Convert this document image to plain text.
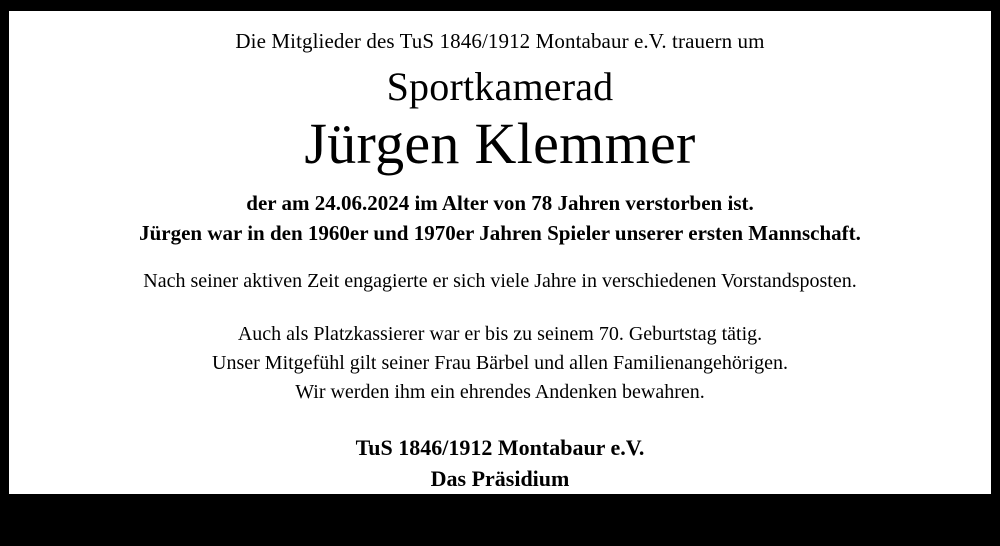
Die Mitglieder des TuS 1846/1912 Montabaur e.V. trauern um
Sportkamerad
Jürgen Klemmer
der am 24.06.2024 im Alter von 78 Jahren verstorben ist.
Jürgen war in den 1960er und 1970er Jahren Spieler unserer ersten Mannschaft.
Nach seiner aktiven Zeit engagierte er sich viele Jahre in verschiedenen Vorstandsposten.
Auch als Platzkassierer war er bis zu seinem 70. Geburtstag tätig.
Unser Mitgefühl gilt seiner Frau Bärbel und allen Familienangehörigen.
Wir werden ihm ein ehrendes Andenken bewahren.
TuS 1846/1912 Montabaur e.V.
Das Präsidium
Montabaur, im Juli 2024
